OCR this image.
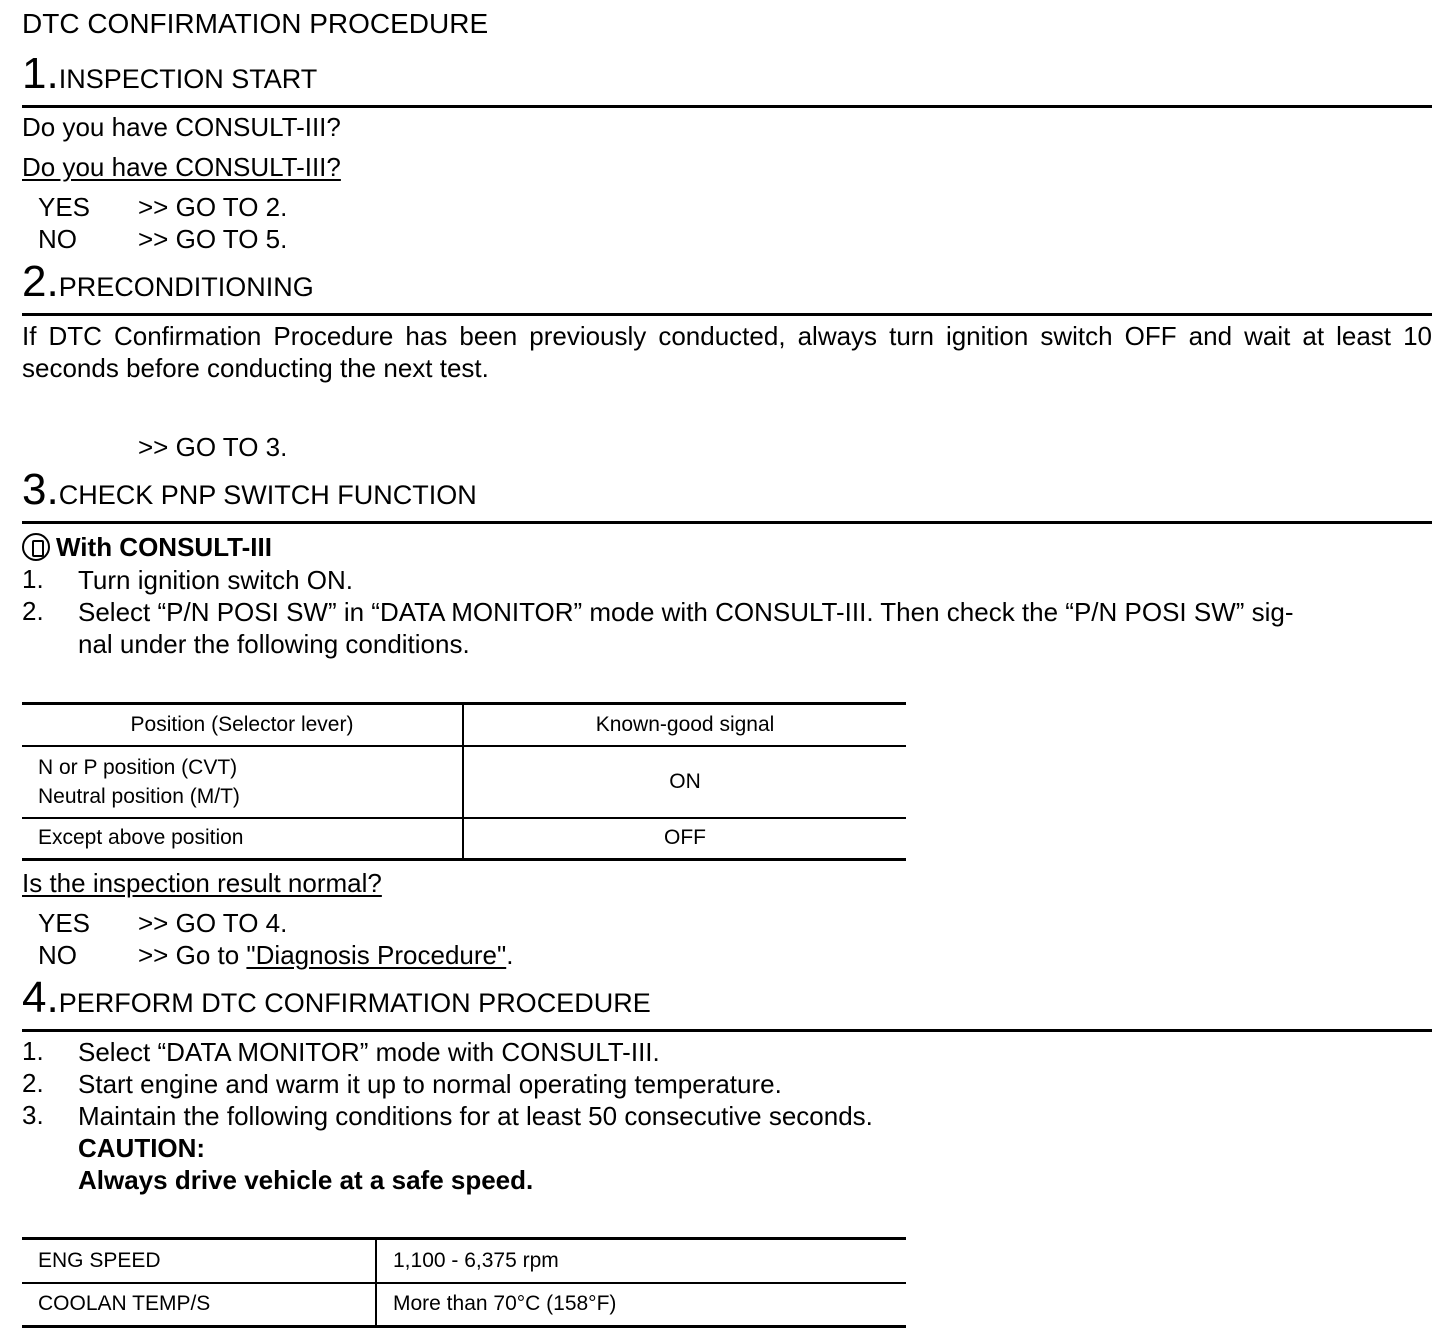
DTC CONFIRMATION PROCEDURE
1.INSPECTION START
Do you have CONSULT-III?
Do you have CONSULT-III?
YES >> GO TO 2.
NO >> GO TO 5.
2.PRECONDITIONING
If DTC Confirmation Procedure has been previously conducted, always turn ignition switch OFF and wait at least 10 seconds before conducting the next test.
>> GO TO 3.
3.CHECK PNP SWITCH FUNCTION
With CONSULT-III
1. Turn ignition switch ON.
2. Select “P/N POSI SW” in “DATA MONITOR” mode with CONSULT-III. Then check the “P/N POSI SW” sig-
nal under the following conditions.
Position (Selector lever)	Known-good signal

N or P position (CVT)
Neutral position (M/T)	ON
Except above position	OFF
Is the inspection result normal?
YES >> GO TO 4.
NO >> Go to "Diagnosis Procedure".
4.PERFORM DTC CONFIRMATION PROCEDURE
1. Select “DATA MONITOR” mode with CONSULT-III.
2. Start engine and warm it up to normal operating temperature.
3. Maintain the following conditions for at least 50 consecutive seconds.
CAUTION:
Always drive vehicle at a safe speed.
ENG SPEED	1,100 - 6,375 rpm
COOLAN TEMP/S	More than 70°C (158°F)
